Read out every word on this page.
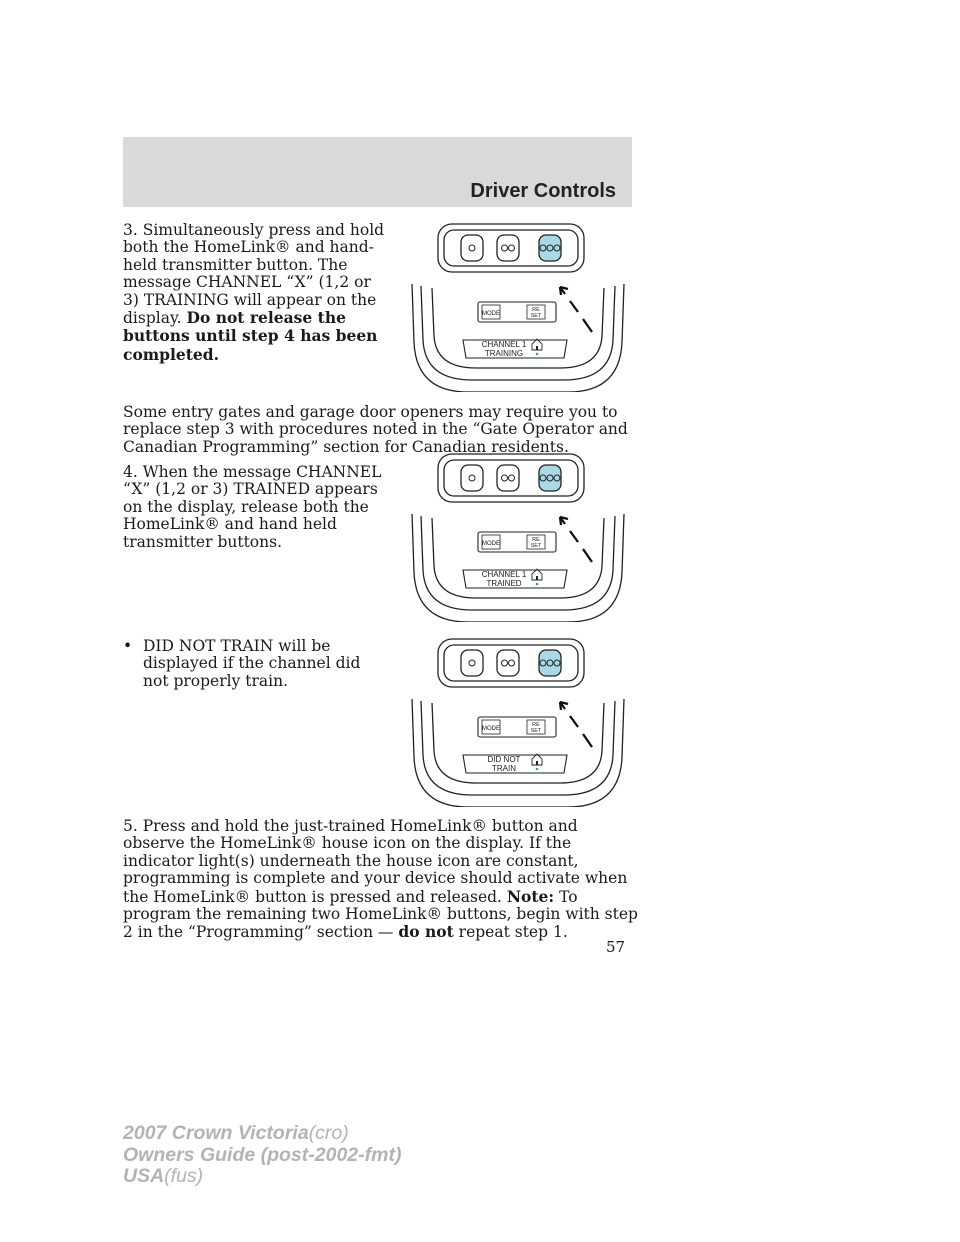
Driver Controls

3. Simultaneously press and hold both the HomeLink® and hand-held transmitter button. The message CHANNEL “X” (1,2 or 3) TRAINING will appear on the display. Do not release the buttons until step 4 has been completed.

MODE
RE
SET
CHANNEL 1
TRAINING

Some entry gates and garage door openers may require you to replace step 3 with procedures noted in the “Gate Operator and Canadian Programming” section for Canadian residents.

4. When the message CHANNEL “X” (1,2 or 3) TRAINED appears on the display, release both the HomeLink® and hand held transmitter buttons.	MODE
RE
SET
CHANNEL 1
TRAINED
• DID NOT TRAIN will be displayed if the channel did not properly train.
MODE
RE
SET
DID NOT
TRAIN

5. Press and hold the just-trained HomeLink® button and observe the HomeLink® house icon on the display. If the indicator light(s) underneath the house icon are constant, programming is complete and your device should activate when the HomeLink® button is pressed and released. Note: To program the remaining two HomeLink® buttons, begin with step 2 in the “Programming” section — do not repeat step 1.

57

2007 Crown Victoria(cro)
Owners Guide (post-2002-fmt)
USA(fus)
